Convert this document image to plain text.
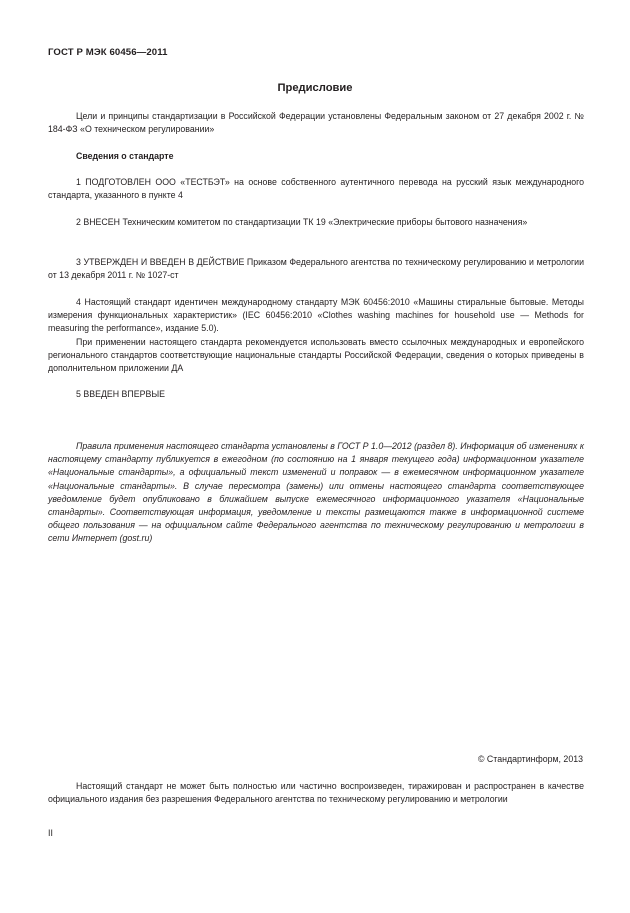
ГОСТ Р МЭК 60456—2011
Предисловие

Цели и принципы стандартизации в Российской Федерации установлены Федеральным законом от 27 декабря 2002 г. № 184-ФЗ «О техническом регулировании»

Сведения о стандарте

1 ПОДГОТОВЛЕН ООО «ТЕСТБЭТ» на основе собственного аутентичного перевода на русский язык международного стандарта, указанного в пункте 4

2 ВНЕСЕН Техническим комитетом по стандартизации ТК 19 «Электрические приборы бытового назначения»

3 УТВЕРЖДЕН И ВВЕДЕН В ДЕЙСТВИЕ Приказом Федерального агентства по техническому регулированию и метрологии от 13 декабря 2011 г. № 1027-ст

4 Настоящий стандарт идентичен международному стандарту МЭК 60456:2010 «Машины стиральные бытовые. Методы измерения функциональных характеристик» (IEC 60456:2010 «Clothes washing machines for household use — Methods for measuring the performance», издание 5.0).

При применении настоящего стандарта рекомендуется использовать вместо ссылочных международных и европейского регионального стандартов соответствующие национальные стандарты Российской Федерации, сведения о которых приведены в дополнительном приложении ДА

5 ВВЕДЕН ВПЕРВЫЕ

Правила применения настоящего стандарта установлены в ГОСТ Р 1.0—2012 (раздел 8). Информация об изменениях к настоящему стандарту публикуется в ежегодном (по состоянию на 1 января текущего года) информационном указателе «Национальные стандарты», а официальный текст изменений и поправок — в ежемесячном информационном указателе «Национальные стандарты». В случае пересмотра (замены) или отмены настоящего стандарта соответствующее уведомление будет опубликовано в ближайшем выпуске ежемесячного информационного указателя «Национальные стандарты». Соответствующая информация, уведомление и тексты размещаются также в информационной системе общего пользования — на официальном сайте Федерального агентства по техническому регулированию и метрологии в сети Интернет (gost.ru)

© Стандартинформ, 2013

Настоящий стандарт не может быть полностью или частично воспроизведен, тиражирован и распространен в качестве официального издания без разрешения Федерального агентства по техническому регулированию и метрологии

II
